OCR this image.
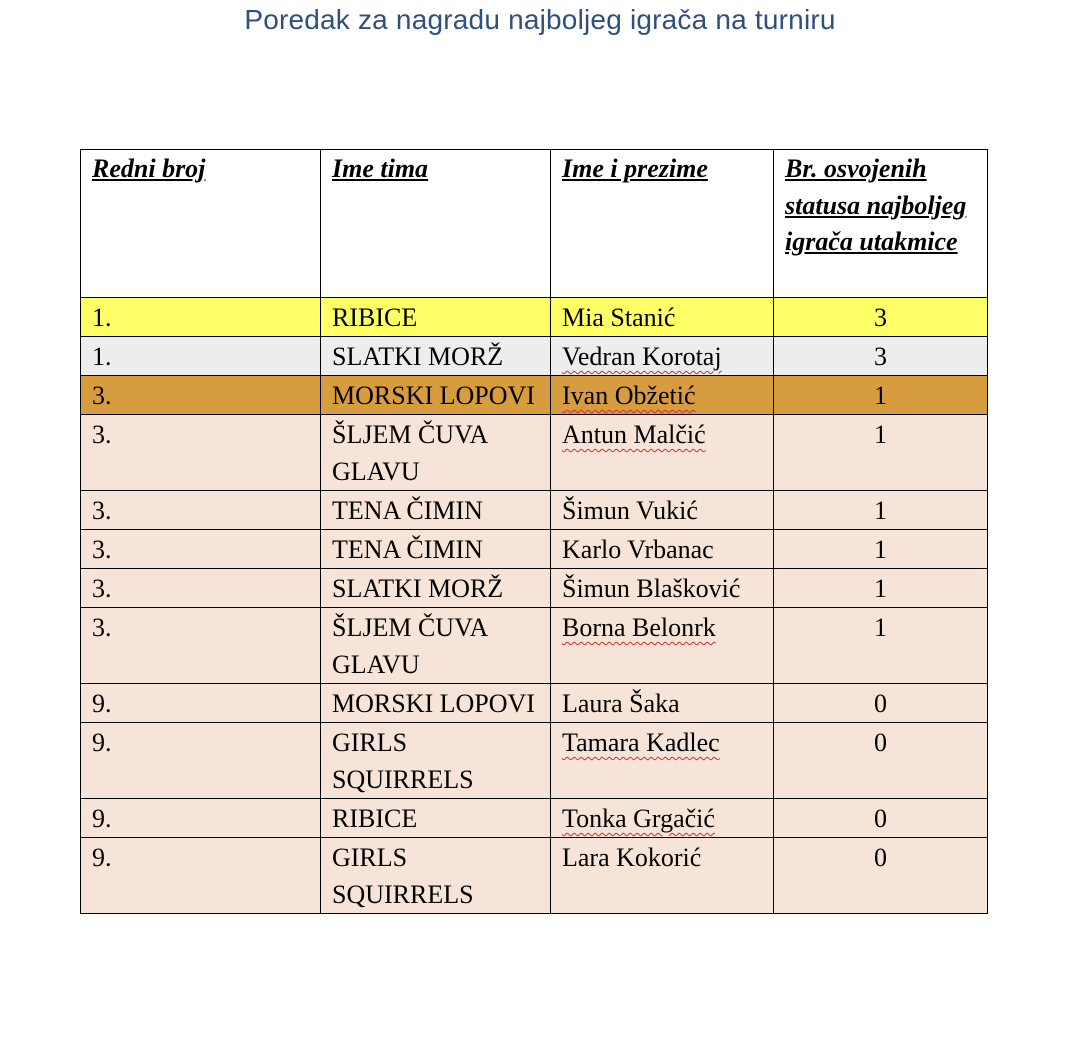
Poredak za nagradu najboljeg igrača na turniru
Redni broj	Ime tima	Ime i prezime	Br. osvojenih statusa najboljeg igrača utakmice
1.	RIBICE	Mia Stanić	3
1.	SLATKI MORŽ	Vedran Korotaj	3
3.	MORSKI LOPOVI	Ivan Obžetić	1
3.	ŠLJEM ČUVA GLAVU	Antun Malčić	1
3.	TENA ČIMIN	Šimun Vukić	1
3.	TENA ČIMIN	Karlo Vrbanac	1
3.	SLATKI MORŽ	Šimun Blašković	1
3.	ŠLJEM ČUVA GLAVU	Borna Belonrk	1
9.	MORSKI LOPOVI	Laura Šaka	0
9.	GIRLS SQUIRRELS	Tamara Kadlec	0
9.	RIBICE	Tonka Grgačić	0
9.	GIRLS SQUIRRELS	Lara Kokorić	0
